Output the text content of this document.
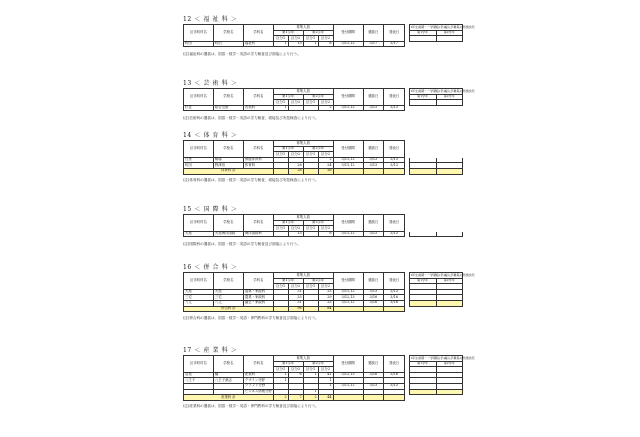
12 ＜ 福 祉 科 ＞
区市町村名	学校名	学科名	募集人員				受付期間	選抜日	発表日
			第1学年		第2学年				
			区分1	区分2	区分1	区分2			
町田	町田	福祉科	1	15	1	8	3/11,12	3/17	3/17
Ⅰ年生前期・一学期転(学)編入学募集の実施状況	

第1学年	第2学年

(注)福祉科の選抜は、国語・数学・英語の学力検査及び面接により行う。
13 ＜ 芸 術 科 ＞
区市町村名	学校名	学科名	募集人員				受付期間	選抜日	発表日
			第1学年		第2学年				
			区分1	区分2	区分1	区分2			
杉並	総合芸術	音楽科	1			2	3/11,12	3/13	3/13
Ⅰ年生前期・一学期転(学)編入学募集の実施状況	

第1学年	第2学年

(注)芸術科の選抜は、国語・数学・英語の学力検査、面接及び実技検査により行う。
14 ＜ 体 育 科 ＞
区市町村名	学校名	学科名	募集人員				受付期間	選抜日	発表日
			第1学年		第2学年				
			区分1	区分2	区分1	区分2			
日黒	駒場	保健体育科				2	3/11,12	3/13	3/13
町田	野津田	体育科		28		24	3/11,12	3/13	3/13
体育科 計				28		26			

(注)体育科の選抜は、国語・数学・英語の学力検査、面接及び実技検査により行う。
15 ＜ 国 際 科 ＞
区市町村名	学校名	学科名	募集人員				受付期間	選抜日	発表日
			第1学年		第2学年				
			区分1	区分2	区分1	区分2			
大島	大島海洋国際	海洋国際科		15		8	3/11,12	3/13	3/13

(注)国際科の選抜は、国語・数学・英語の学力検査及び面接により行う。
16 ＜ 併 合 科 ＞
区市町村名	学校名	学科名	募集人員				受付期間	選抜日	発表日
			第1学年		第2学年				
			区分1	区分2	区分1	区分2			
大島	大島	農林・家政科		31		25	3/11,12	3/13	3/13
三宅	三宅	農業・家政科		33		29	3/12,13	3/16	3/16
八丈	八丈	園芸・家政科		31		25	3/11,12	3/16	3/16
併合科 計				96		84			
Ⅰ年生前期・一学期転(学)編入学募集の実施状況	

第1学年	第2学年

(注)併合科の選抜は、国語・数学・英語・専門教科の学力検査及び面接により行う。
17 ＜ 産 業 科 ＞
区市町村名	学校名	学科名	募集人員				受付期間	選抜日	発表日
			第1学年		第2学年				
			区分1	区分2	区分1	区分2			
豊島	橘	産業科	1	6	1	41	3/12,13	3/16	3/16
八王子	八王子桑志	デザイン分野	1			1			
		クラフト分野				1	3/11,12	3/13	3/13
		ビジネス情報分野			1				
産業科 計			2	7	2	44			
Ⅰ年生前期・一学期転(学)編入学募集の実施状況	

第1学年	第2学年

(注)産業科の選抜は、国語・数学・英語・専門教科の学力検査及び面接により行う。
